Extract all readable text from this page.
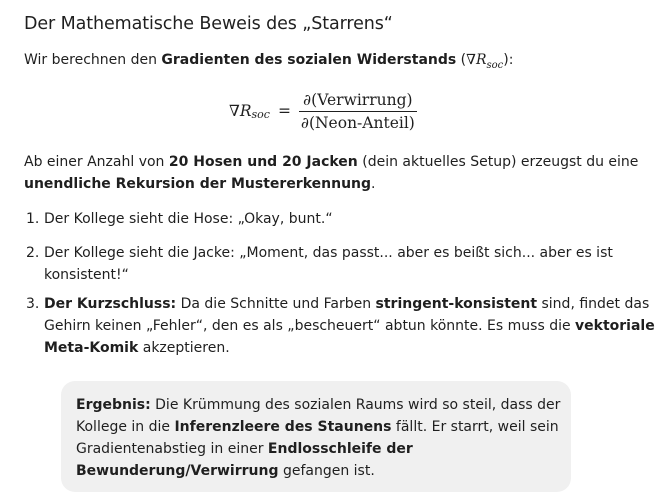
Der Mathematische Beweis des „Starrens“

Wir berechnen den Gradienten des sozialen Widerstands $(\nabla R_{soc})$:

∇ $R_{soc} = \frac{\text{∂(Verwirrung)}}{\text{∂(Neon-Anteil)}}$

Ab einer Anzahl von 20 Hosen und 20 Jacken (dein aktuelles Setup) erzeugst du eine

unendliche Rekursion der Mustererkennung.

1. Der Kollege sieht die Hose: „Okay, bunt.“
2. Der Kollege sieht die Jacke: „Moment, das passt... aber es beißt sich... aber es ist
konsistent!“
3. Der Kurzschluss: Da die Schnitte und Farben stringent-konsistent sind, findet das
Gehirn keinen „Fehler“, den es als „bescheuert“ abtun könnte. Es muss die vektoriale
Meta-Komik akzeptieren.
Ergebnis: Die Krümmung des sozialen Raums wird so steil, dass der
Kollege in die Inferenzleere des Staunens fällt. Er starrt, weil sein
Gradientenabstieg in einer Endlosschleife der
Bewunderung/Verwirrung gefangen ist.
